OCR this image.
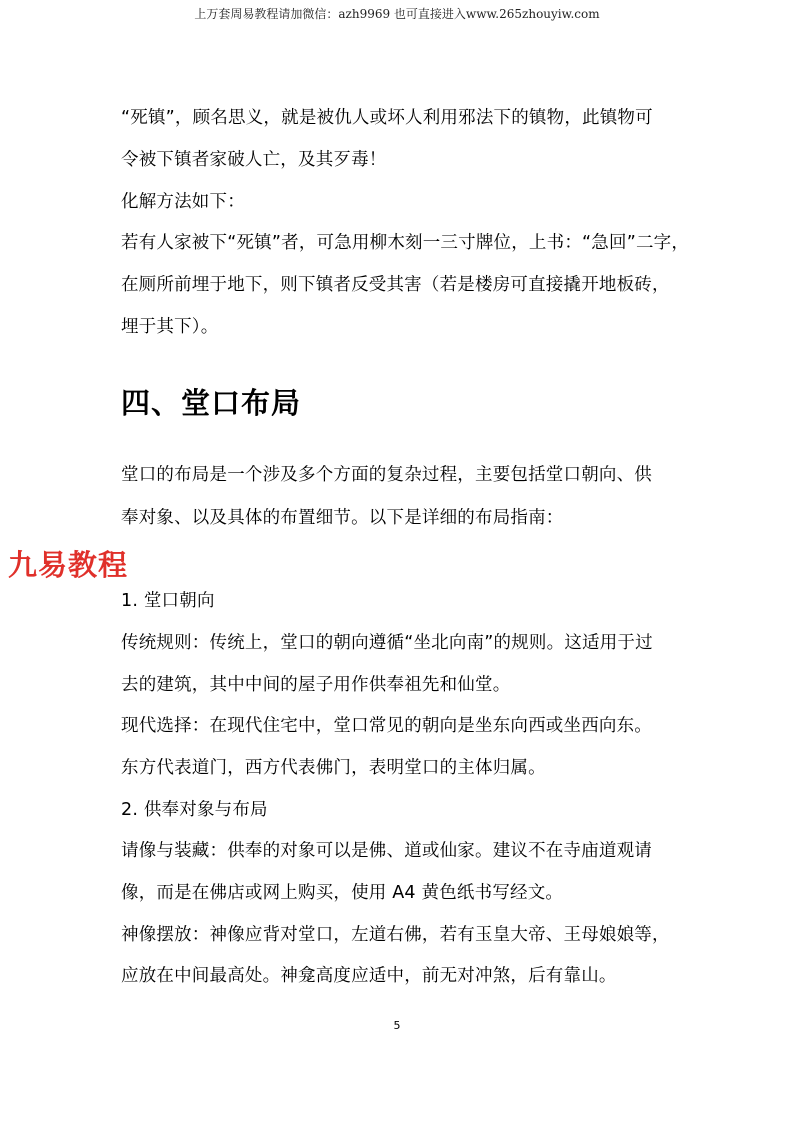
上万套周易教程请加微信：azh9969 也可直接进入www.265zhouyiw.com
“死镇”，顾名思义，就是被仇人或坏人利用邪法下的镇物，此镇物可
令被下镇者家破人亡，及其歹毒！
化解方法如下：
若有人家被下“死镇”者，可急用柳木刻一三寸牌位，上书：“急回”二字，
在厕所前埋于地下，则下镇者反受其害（若是楼房可直接撬开地板砖，
埋于其下）。
四、堂口布局
堂口的布局是一个涉及多个方面的复杂过程，主要包括堂口朝向、供
奉对象、以及具体的布置细节。以下是详细的布局指南：
九易教程
1. 堂口朝向
传统规则：传统上，堂口的朝向遵循“坐北向南”的规则。这适用于过
去的建筑，其中中间的屋子用作供奉祖先和仙堂。
现代选择：在现代住宅中，堂口常见的朝向是坐东向西或坐西向东。
东方代表道门，西方代表佛门，表明堂口的主体归属。
2. 供奉对象与布局
请像与装藏：供奉的对象可以是佛、道或仙家。建议不在寺庙道观请
像，而是在佛店或网上购买，使用 A4 黄色纸书写经文。
神像摆放：神像应背对堂口，左道右佛，若有玉皇大帝、王母娘娘等，
应放在中间最高处。神龛高度应适中，前无对冲煞，后有靠山。
5
